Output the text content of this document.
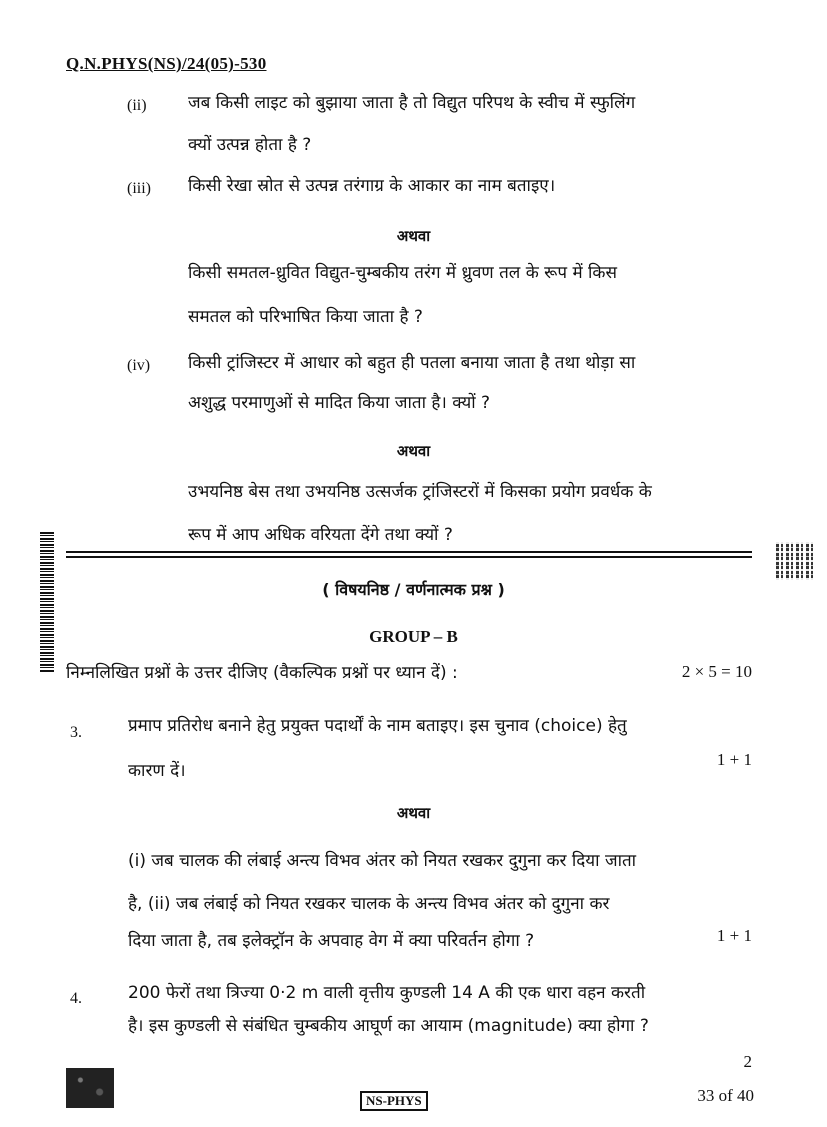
Q.N.PHYS(NS)/24(05)-530
(ii) जब किसी लाइट को बुझाया जाता है तो विद्युत परिपथ के स्वीच में स्फुलिंग
क्यों उत्पन्न होता है ?
(iii) किसी रेखा स्रोत से उत्पन्न तरंगाग्र के आकार का नाम बताइए।
अथवा
किसी समतल-ध्रुवित विद्युत-चुम्बकीय तरंग में ध्रुवण तल के रूप में किस
समतल को परिभाषित किया जाता है ?
(iv) किसी ट्रांजिस्टर में आधार को बहुत ही पतला बनाया जाता है तथा थोड़ा सा
अशुद्ध परमाणुओं से मादित किया जाता है। क्यों ?
अथवा
उभयनिष्ठ बेस तथा उभयनिष्ठ उत्सर्जक ट्रांजिस्टरों में किसका प्रयोग प्रवर्धक के
रूप में आप अधिक वरियता देंगे तथा क्यों ?
( विषयनिष्ठ / वर्णनात्मक प्रश्न )
GROUP – B
निम्नलिखित प्रश्नों के उत्तर दीजिए (वैकल्पिक प्रश्नों पर ध्यान दें) :	2 × 5 = 10
3.	प्रमाप प्रतिरोध बनाने हेतु प्रयुक्त पदार्थों के नाम बताइए। इस चुनाव (choice) हेतु
कारण दें।
1 + 1
अथवा
(i) जब चालक की लंबाई अन्त्य विभव अंतर को नियत रखकर दुगुना कर दिया जाता
है, (ii) जब लंबाई को नियत रखकर चालक के अन्त्य विभव अंतर को दुगुना कर
दिया जाता है, तब इलेक्ट्रॉन के अपवाह वेग में क्या परिवर्तन होगा ?	1 + 1
4.	200 फेरों तथा त्रिज्या 0·2 m वाली वृत्तीय कुण्डली 14 A की एक धारा वहन करती
है। इस कुण्डली से संबंधित चुम्बकीय आघूर्ण का आयाम (magnitude) क्या होगा ?
2
NS-PHYS	33 of 40
